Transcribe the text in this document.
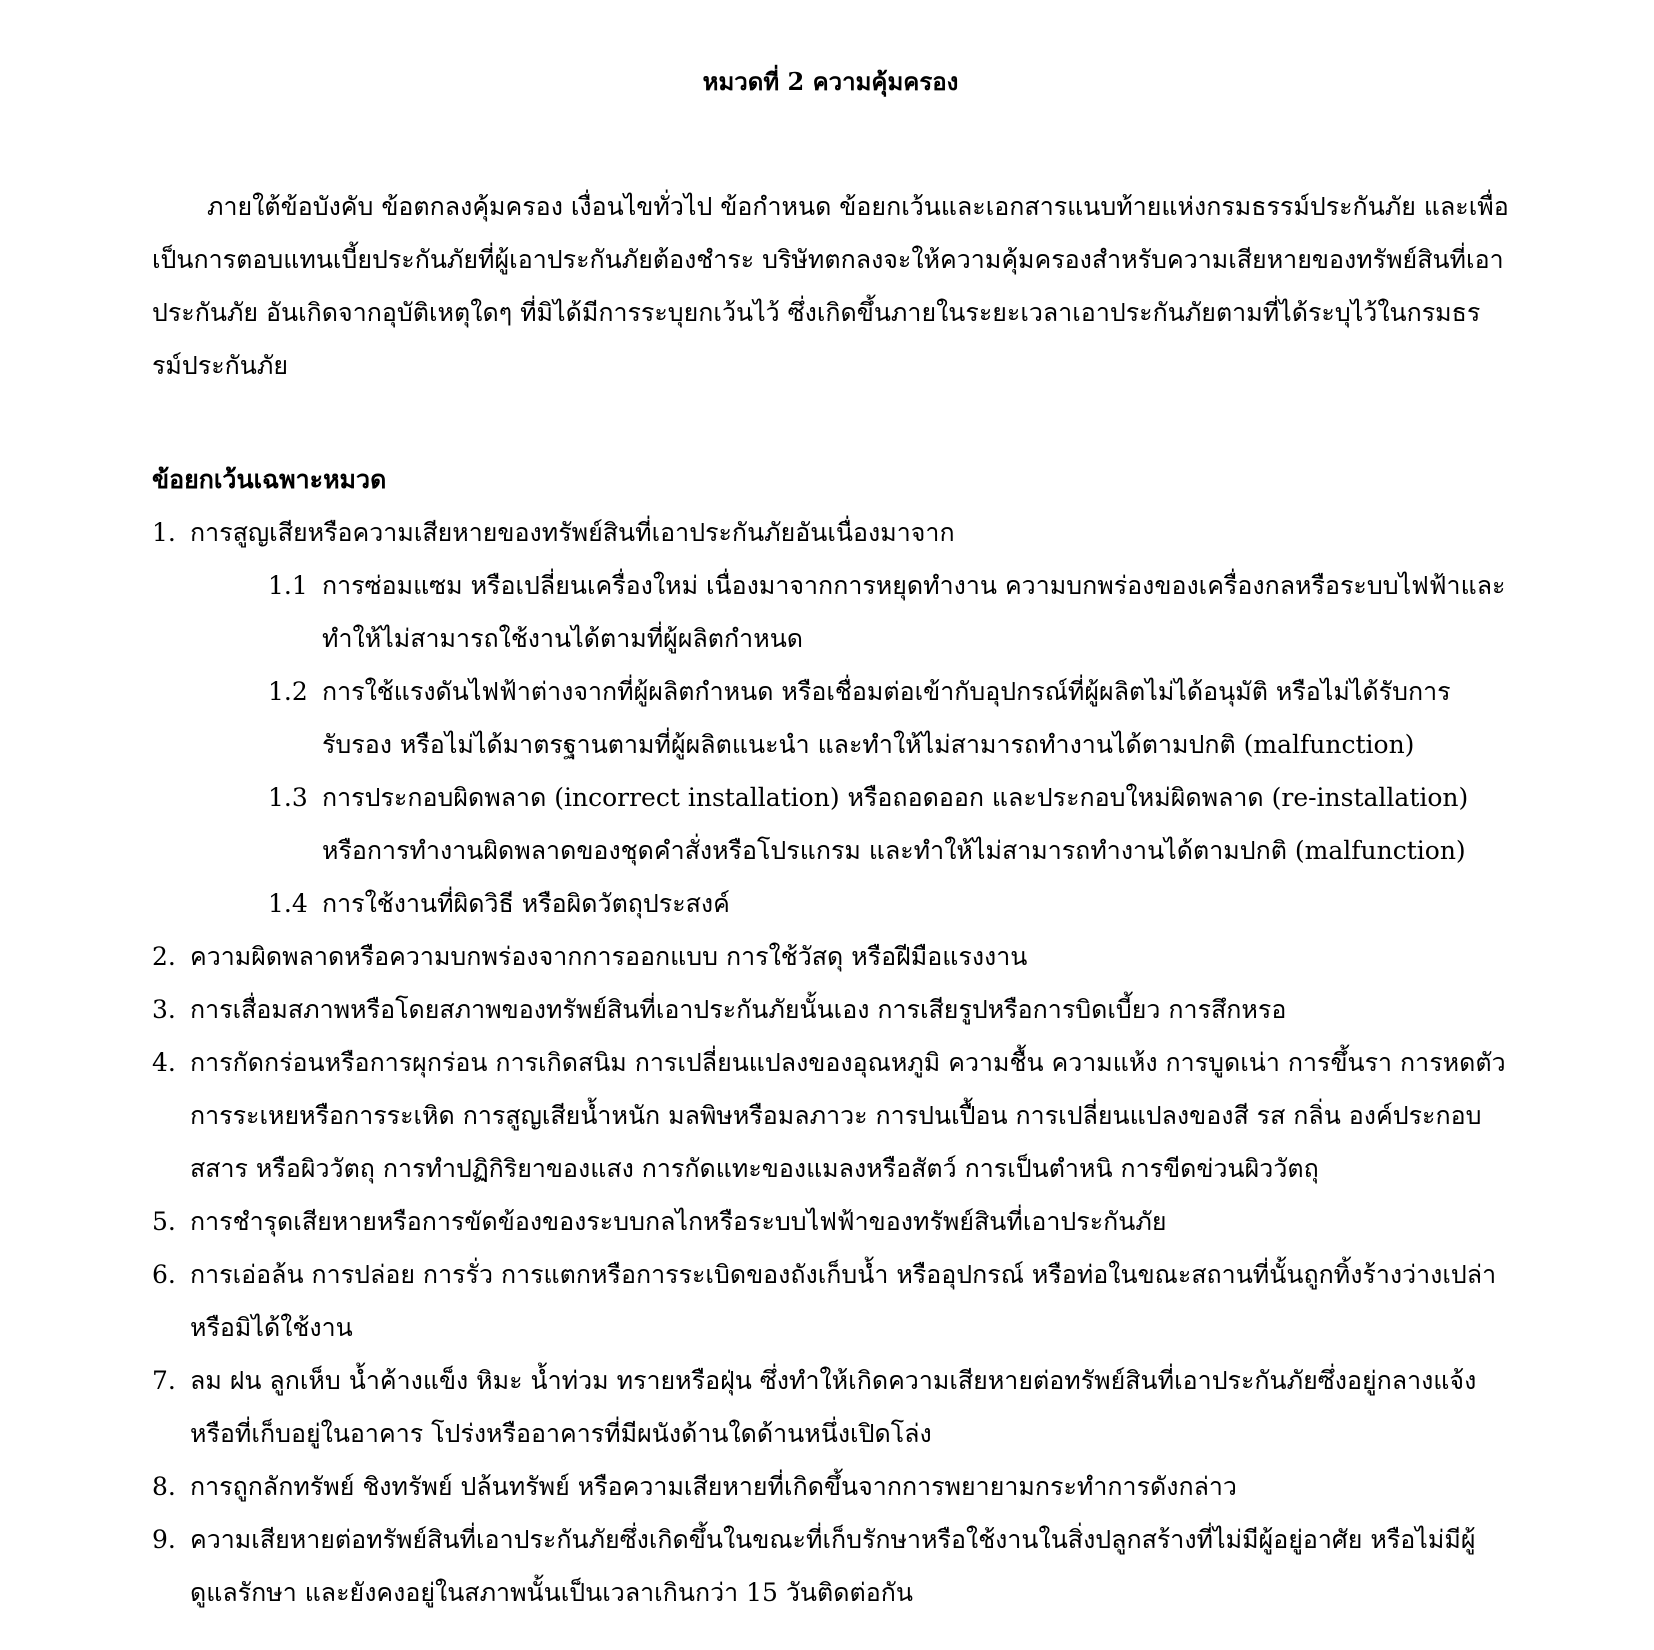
หมวดที่ 2 ความคุ้มครอง

ภายใต้ข้อบังคับ ข้อตกลงคุ้มครอง เงื่อนไขทั่วไป ข้อกำหนด ข้อยกเว้นและเอกสารแนบท้ายแห่งกรมธรรม์ประกันภัย และเพื่อเป็นการตอบแทนเบี้ยประกันภัยที่ผู้เอาประกันภัยต้องชำระ บริษัทตกลงจะให้ความคุ้มครองสำหรับความเสียหายของทรัพย์สินที่เอาประกันภัย อันเกิดจากอุบัติเหตุใดๆ ที่มิได้มีการระบุยกเว้นไว้ ซึ่งเกิดขึ้นภายในระยะเวลาเอาประกันภัยตามที่ได้ระบุไว้ในกรมธรรม์ประกันภัย

ข้อยกเว้นเฉพาะหมวด
1. การสูญเสียหรือความเสียหายของทรัพย์สินที่เอาประกันภัยอันเนื่องมาจาก
1.1 การซ่อมแซม หรือเปลี่ยนเครื่องใหม่ เนื่องมาจากการหยุดทำงาน ความบกพร่องของเครื่องกลหรือระบบไฟฟ้าและทำให้ไม่สามารถใช้งานได้ตามที่ผู้ผลิตกำหนด
1.2 การใช้แรงดันไฟฟ้าต่างจากที่ผู้ผลิตกำหนด หรือเชื่อมต่อเข้ากับอุปกรณ์ที่ผู้ผลิตไม่ได้อนุมัติ หรือไม่ได้รับการรับรอง หรือไม่ได้มาตรฐานตามที่ผู้ผลิตแนะนำ และทำให้ไม่สามารถทำงานได้ตามปกติ (malfunction)
1.3 การประกอบผิดพลาด (incorrect installation) หรือถอดออก และประกอบใหม่ผิดพลาด (re-installation) หรือการทำงานผิดพลาดของชุดคำสั่งหรือโปรแกรม และทำให้ไม่สามารถทำงานได้ตามปกติ (malfunction)
1.4 การใช้งานที่ผิดวิธี หรือผิดวัตถุประสงค์
2. ความผิดพลาดหรือความบกพร่องจากการออกแบบ การใช้วัสดุ หรือฝีมือแรงงาน
3. การเสื่อมสภาพหรือโดยสภาพของทรัพย์สินที่เอาประกันภัยนั้นเอง การเสียรูปหรือการบิดเบี้ยว การสึกหรอ
4. การกัดกร่อนหรือการผุกร่อน การเกิดสนิม การเปลี่ยนแปลงของอุณหภูมิ ความชื้น ความแห้ง การบูดเน่า การขึ้นรา การหดตัว การระเหยหรือการระเหิด การสูญเสียน้ำหนัก มลพิษหรือมลภาวะ การปนเปื้อน การเปลี่ยนแปลงของสี รส กลิ่น องค์ประกอบสสาร หรือผิววัตถุ การทำปฏิกิริยาของแสง การกัดแทะของแมลงหรือสัตว์ การเป็นตำหนิ การขีดข่วนผิววัตถุ
5. การชำรุดเสียหายหรือการขัดข้องของระบบกลไกหรือระบบไฟฟ้าของทรัพย์สินที่เอาประกันภัย
6. การเอ่อล้น การปล่อย การรั่ว การแตกหรือการระเบิดของถังเก็บน้ำ หรืออุปกรณ์ หรือท่อในขณะสถานที่นั้นถูกทิ้งร้างว่างเปล่าหรือมิได้ใช้งาน
7. ลม ฝน ลูกเห็บ น้ำค้างแข็ง หิมะ น้ำท่วม ทรายหรือฝุ่น ซึ่งทำให้เกิดความเสียหายต่อทรัพย์สินที่เอาประกันภัยซึ่งอยู่กลางแจ้งหรือที่เก็บอยู่ในอาคาร โปร่งหรืออาคารที่มีผนังด้านใดด้านหนึ่งเปิดโล่ง
8. การถูกลักทรัพย์ ชิงทรัพย์ ปล้นทรัพย์ หรือความเสียหายที่เกิดขึ้นจากการพยายามกระทำการดังกล่าว
9. ความเสียหายต่อทรัพย์สินที่เอาประกันภัยซึ่งเกิดขึ้นในขณะที่เก็บรักษาหรือใช้งานในสิ่งปลูกสร้างที่ไม่มีผู้อยู่อาศัย หรือไม่มีผู้ดูแลรักษา และยังคงอยู่ในสภาพนั้นเป็นเวลาเกินกว่า 15 วันติดต่อกัน
